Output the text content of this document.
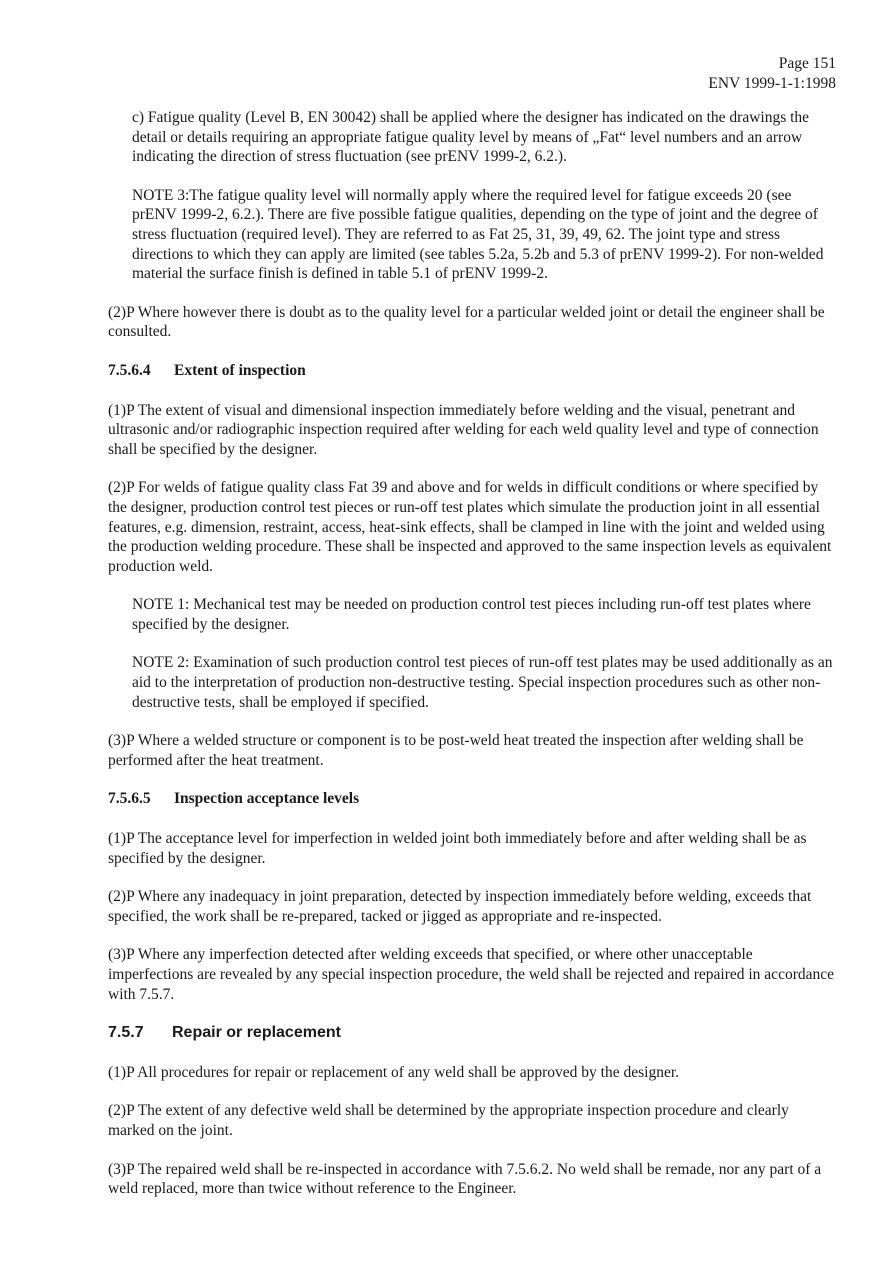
Page 151
ENV 1999-1-1:1998

c) Fatigue quality (Level B, EN 30042) shall be applied where the designer has indicated on the drawings the detail or details requiring an appropriate fatigue quality level by means of „Fat“ level numbers and an arrow indicating the direction of stress fluctuation (see prENV 1999-2, 6.2.).

NOTE 3:The fatigue quality level will normally apply where the required level for fatigue exceeds 20 (see prENV 1999-2, 6.2.). There are five possible fatigue qualities, depending on the type of joint and the degree of stress fluctuation (required level). They are referred to as Fat 25, 31, 39, 49, 62. The joint type and stress directions to which they can apply are limited (see tables 5.2a, 5.2b and 5.3 of prENV 1999-2). For non-welded material the surface finish is defined in table 5.1 of prENV 1999-2.

(2)P Where however there is doubt as to the quality level for a particular welded joint or detail the engineer shall be consulted.

7.5.6.4 Extent of inspection

(1)P The extent of visual and dimensional inspection immediately before welding and the visual, penetrant and ultrasonic and/or radiographic inspection required after welding for each weld quality level and type of connection shall be specified by the designer.

(2)P For welds of fatigue quality class Fat 39 and above and for welds in difficult conditions or where specified by the designer, production control test pieces or run-off test plates which simulate the production joint in all essential features, e.g. dimension, restraint, access, heat-sink effects, shall be clamped in line with the joint and welded using the production welding procedure. These shall be inspected and approved to the same inspection levels as equivalent production weld.

NOTE 1: Mechanical test may be needed on production control test pieces including run-off test plates where specified by the designer.

NOTE 2: Examination of such production control test pieces of run-off test plates may be used additionally as an aid to the interpretation of production non-destructive testing. Special inspection procedures such as other non-destructive tests, shall be employed if specified.

(3)P Where a welded structure or component is to be post-weld heat treated the inspection after welding shall be performed after the heat treatment.

7.5.6.5 Inspection acceptance levels

(1)P The acceptance level for imperfection in welded joint both immediately before and after welding shall be as specified by the designer.

(2)P Where any inadequacy in joint preparation, detected by inspection immediately before welding, exceeds that specified, the work shall be re-prepared, tacked or jigged as appropriate and re-inspected.

(3)P Where any imperfection detected after welding exceeds that specified, or where other unacceptable imperfections are revealed by any special inspection procedure, the weld shall be rejected and repaired in accordance with 7.5.7.

7.5.7 Repair or replacement

(1)P All procedures for repair or replacement of any weld shall be approved by the designer.

(2)P The extent of any defective weld shall be determined by the appropriate inspection procedure and clearly marked on the joint.

(3)P The repaired weld shall be re-inspected in accordance with 7.5.6.2. No weld shall be remade, nor any part of a weld replaced, more than twice without reference to the Engineer.
